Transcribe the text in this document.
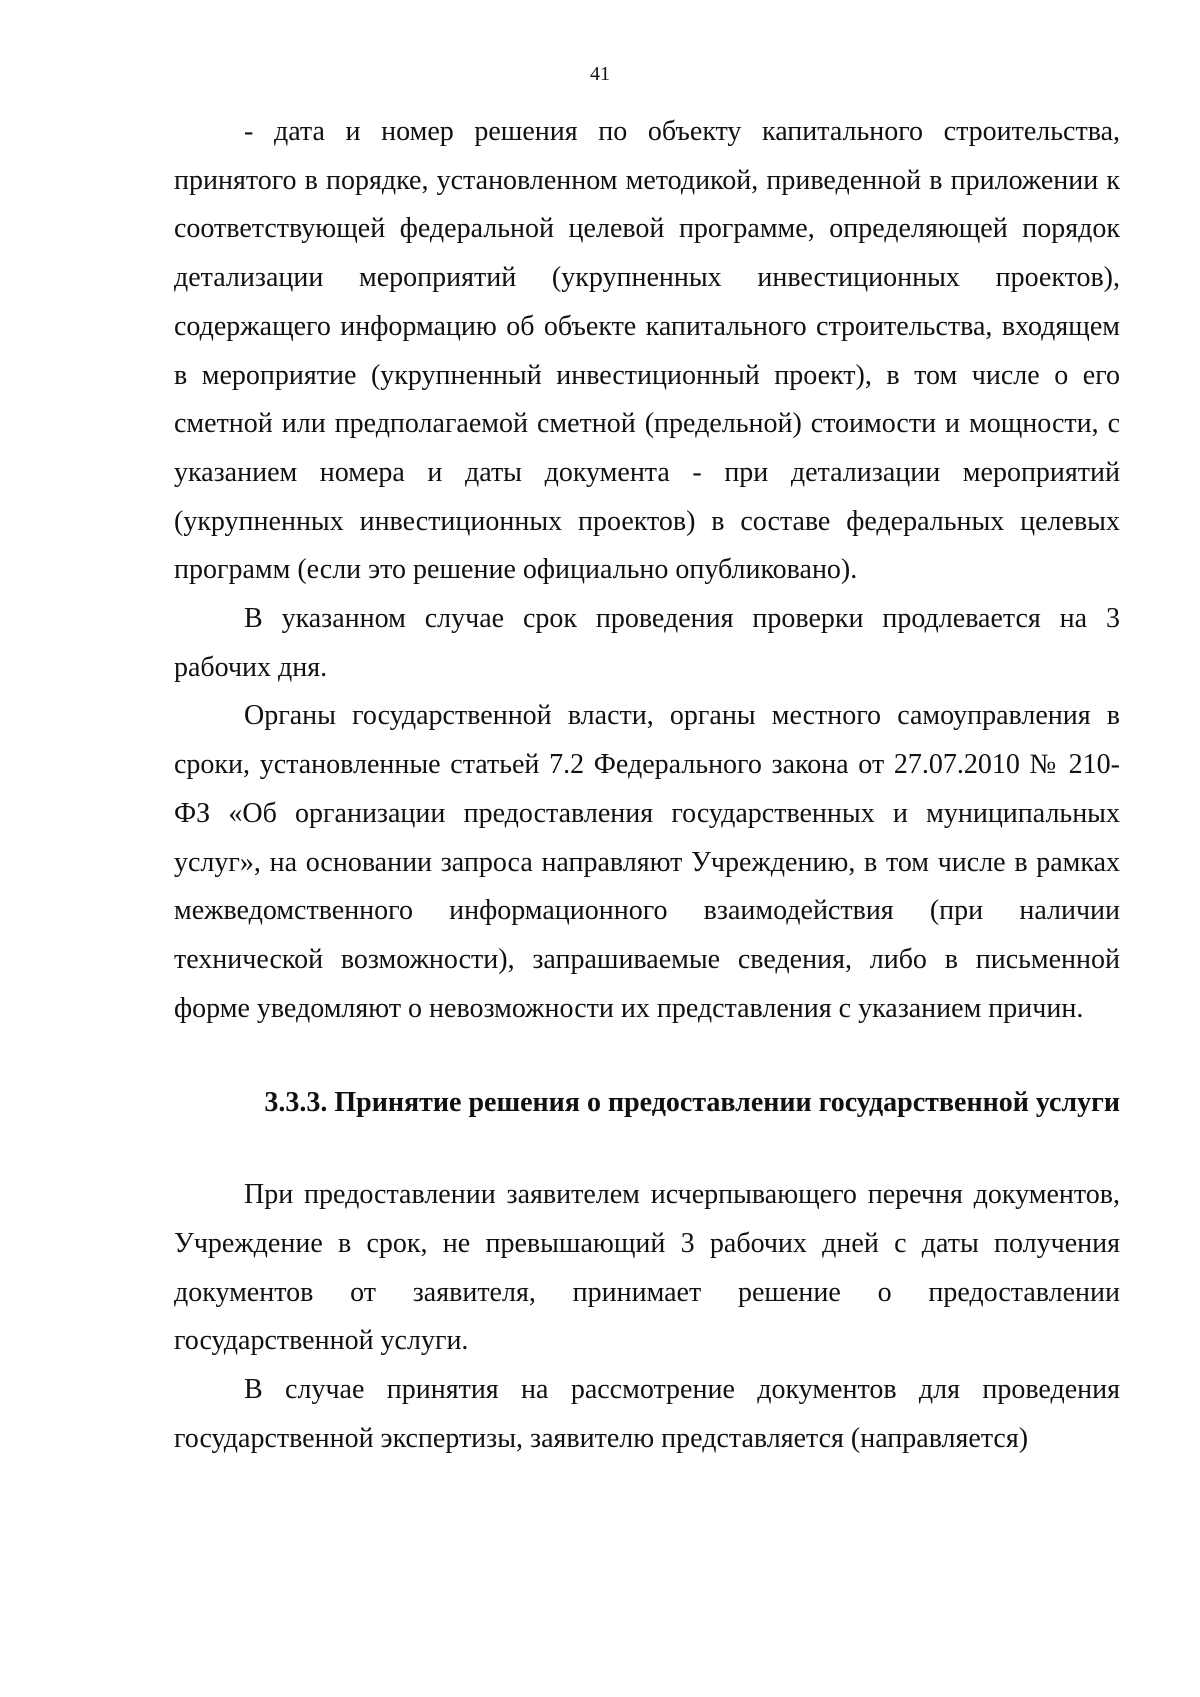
41

- дата и номер решения по объекту капитального строительства, принятого в порядке, установленном методикой, приведенной в приложении к соответствующей федеральной целевой программе, определяющей порядок детализации мероприятий (укрупненных инвестиционных проектов), содержащего информацию об объекте капитального строительства, входящем в мероприятие (укрупненный инвестиционный проект), в том числе о его сметной или предполагаемой сметной (предельной) стоимости и мощности, с указанием номера и даты документа - при детализации мероприятий (укрупненных инвестиционных проектов) в составе федеральных целевых программ (если это решение официально опубликовано).

В указанном случае срок проведения проверки продлевается на 3 рабочих дня.

Органы государственной власти, органы местного самоуправления в сроки, установленные статьей 7.2 Федерального закона от 27.07.2010 № 210-ФЗ «Об организации предоставления государственных и муниципальных услуг», на основании запроса направляют Учреждению, в том числе в рамках межведомственного информационного взаимодействия (при наличии технической возможности), запрашиваемые сведения, либо в письменной форме уведомляют о невозможности их представления с указанием причин.

3.3.3. Принятие решения о предоставлении государственной услуги

При предоставлении заявителем исчерпывающего перечня документов, Учреждение в срок, не превышающий 3 рабочих дней с даты получения документов от заявителя, принимает решение о предоставлении государственной услуги.

В случае принятия на рассмотрение документов для проведения государственной экспертизы, заявителю представляется (направляется)
